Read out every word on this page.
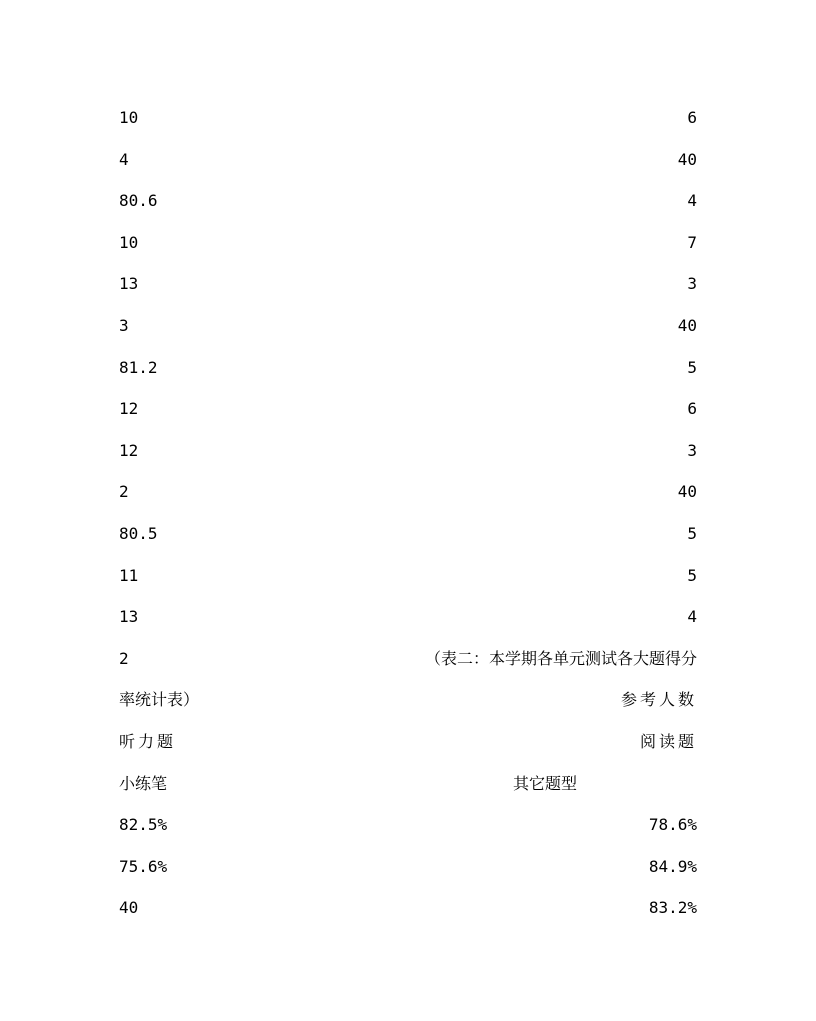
10	6
4	40
80.6	4
10	7
13	3
3	40
81.2	5
12	6
12	3
2	40
80.5	5
11	5
13	4
2	（表二：本学期各单元测试各大题得分
率统计表）	参考人数
听力题	阅读题
小练笔	其它题型
82.5%	78.6%
75.6%	84.9%
40	83.2%
